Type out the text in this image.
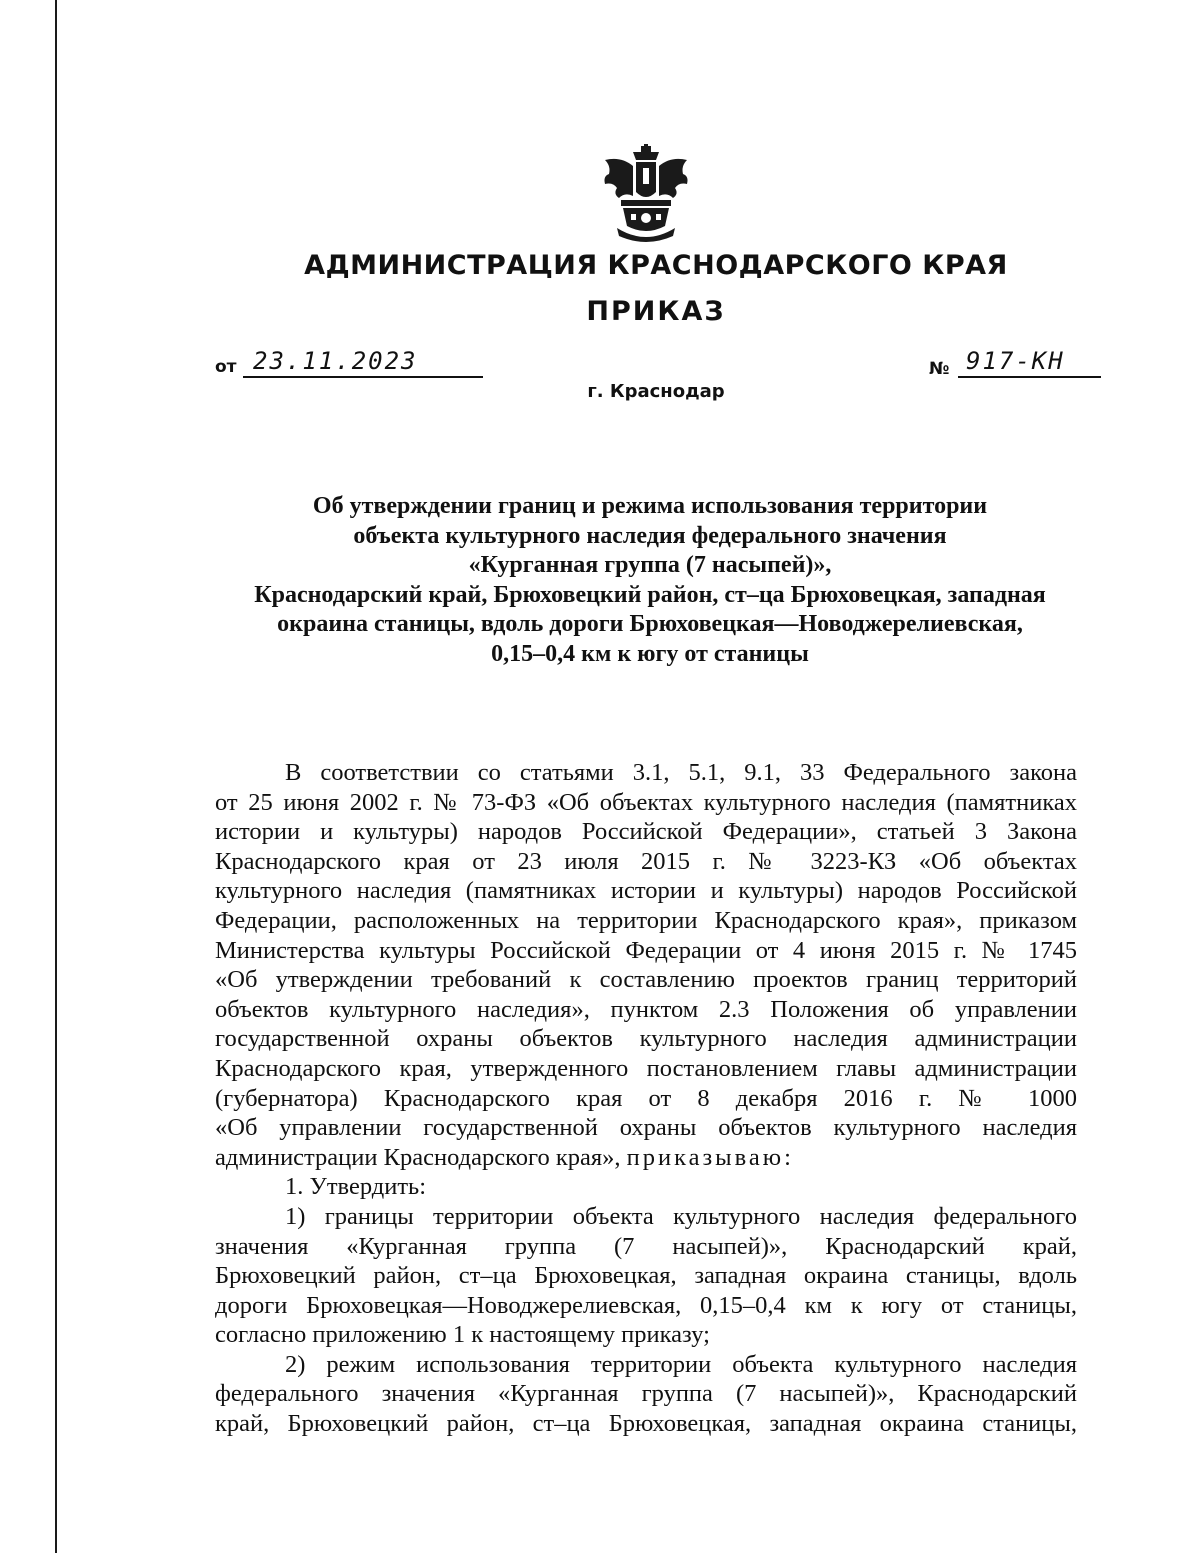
АДМИНИСТРАЦИЯ КРАСНОДАРСКОГО КРАЯ
ПРИКАЗ
от 23.11.2023	№ 917-КН
г. Краснодар
Об утверждении границ и режима использования территории
объекта культурного наследия федерального значения
«Курганная группа (7 насыпей)»,
Краснодарский край, Брюховецкий район, ст–ца Брюховецкая, западная
окраина станицы, вдоль дороги Брюховецкая—Новоджерелиевская,
0,15–0,4 км к югу от станицы

В соответствии со статьями 3.1, 5.1, 9.1, 33 Федерального закона
от 25 июня 2002 г. № 73-ФЗ «Об объектах культурного наследия (памятниках
истории и культуры) народов Российской Федерации», статьей 3 Закона
Краснодарского края от 23 июля 2015 г. № 3223-КЗ «Об объектах
культурного наследия (памятниках истории и культуры) народов Российской
Федерации, расположенных на территории Краснодарского края», приказом
Министерства культуры Российской Федерации от 4 июня 2015 г. № 1745
«Об утверждении требований к составлению проектов границ территорий
объектов культурного наследия», пунктом 2.3 Положения об управлении
государственной охраны объектов культурного наследия администрации
Краснодарского края, утвержденного постановлением главы администрации
(губернатора) Краснодарского края от 8 декабря 2016 г. № 1000
«Об управлении государственной охраны объектов культурного наследия
администрации Краснодарского края», приказываю:

1. Утвердить:

1) границы территории объекта культурного наследия федерального
значения «Курганная группа (7 насыпей)», Краснодарский край,
Брюховецкий район, ст–ца Брюховецкая, западная окраина станицы, вдоль
дороги Брюховецкая—Новоджерелиевская, 0,15–0,4 км к югу от станицы,
согласно приложению 1 к настоящему приказу;

2) режим использования территории объекта культурного наследия
федерального значения «Курганная группа (7 насыпей)», Краснодарский
край, Брюховецкий район, ст–ца Брюховецкая, западная окраина станицы,
